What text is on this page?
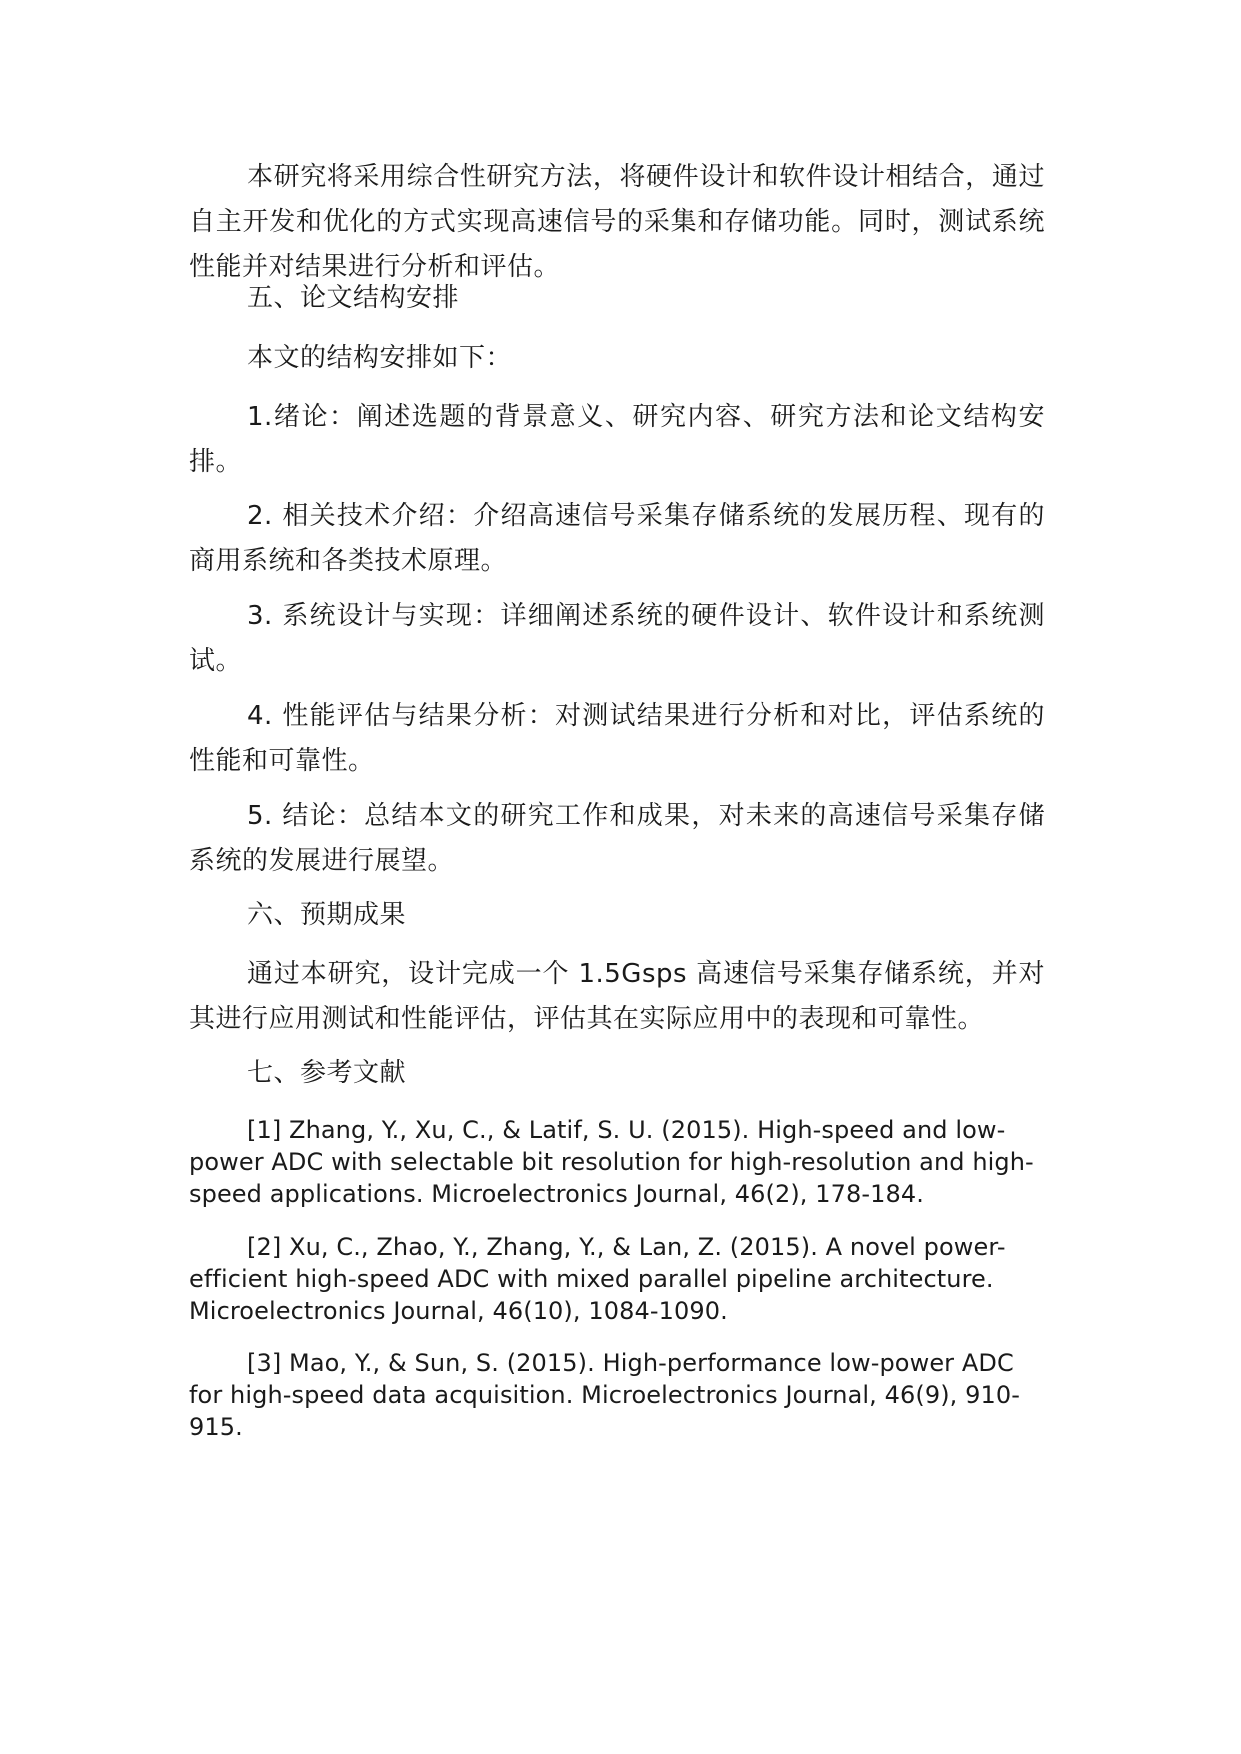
本研究将采用综合性研究方法，将硬件设计和软件设计相结合，通过自主开发和优化的方式实现高速信号的采集和存储功能。同时，测试系统性能并对结果进行分析和评估。

五、论文结构安排

本文的结构安排如下：

1.绪论：阐述选题的背景意义、研究内容、研究方法和论文结构安排。

2. 相关技术介绍：介绍高速信号采集存储系统的发展历程、现有的商用系统和各类技术原理。

3. 系统设计与实现：详细阐述系统的硬件设计、软件设计和系统测试。

4. 性能评估与结果分析：对测试结果进行分析和对比，评估系统的性能和可靠性。

5. 结论：总结本文的研究工作和成果，对未来的高速信号采集存储系统的发展进行展望。

六、预期成果

通过本研究，设计完成一个 1.5Gsps 高速信号采集存储系统，并对其进行应用测试和性能评估，评估其在实际应用中的表现和可靠性。

七、参考文献

[1] Zhang, Y., Xu, C., & Latif, S. U. (2015). High-speed and low-power ADC with selectable bit resolution for high-resolution and high-speed applications. Microelectronics Journal, 46(2), 178-184.

[2] Xu, C., Zhao, Y., Zhang, Y., & Lan, Z. (2015). A novel power-efficient high-speed ADC with mixed parallel pipeline architecture. Microelectronics Journal, 46(10), 1084-1090.

[3] Mao, Y., & Sun, S. (2015). High-performance low-power ADC for high-speed data acquisition. Microelectronics Journal, 46(9), 910-915.
